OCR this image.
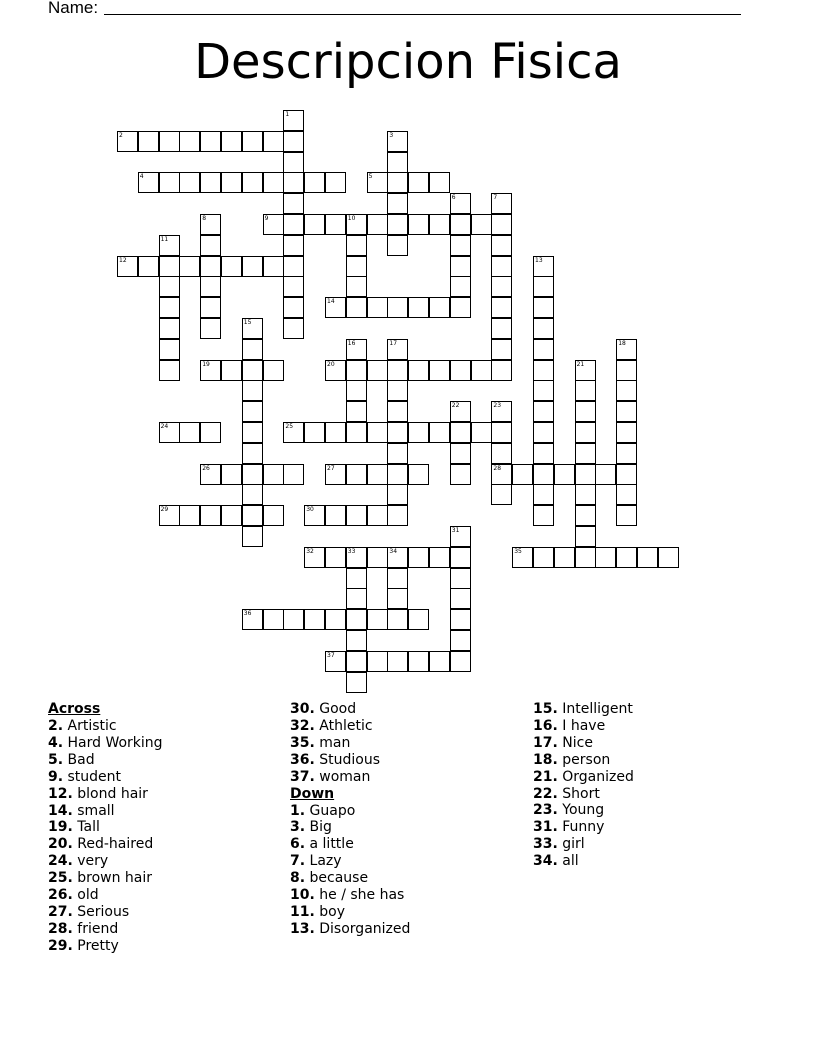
Name:
Descripcion Fisica
2
4	5
9	10
12
14
19	20
24	25
26	27	28
29	30
32	33	34	35
36
37
1
3
6	7
8
11
13
15
16	17	18
21
22	23
31
Across
2. Artistic
4. Hard Working
5. Bad
9. student
12. blond hair
14. small
19. Tall
20. Red-haired
24. very
25. brown hair
26. old
27. Serious
28. friend
29. Pretty
30. Good
32. Athletic
35. man
36. Studious
37. woman
Down
1. Guapo
3. Big
6. a little
7. Lazy
8. because
10. he / she has
11. boy
13. Disorganized
15. Intelligent
16. I have
17. Nice
18. person
21. Organized
22. Short
23. Young
31. Funny
33. girl
34. all
